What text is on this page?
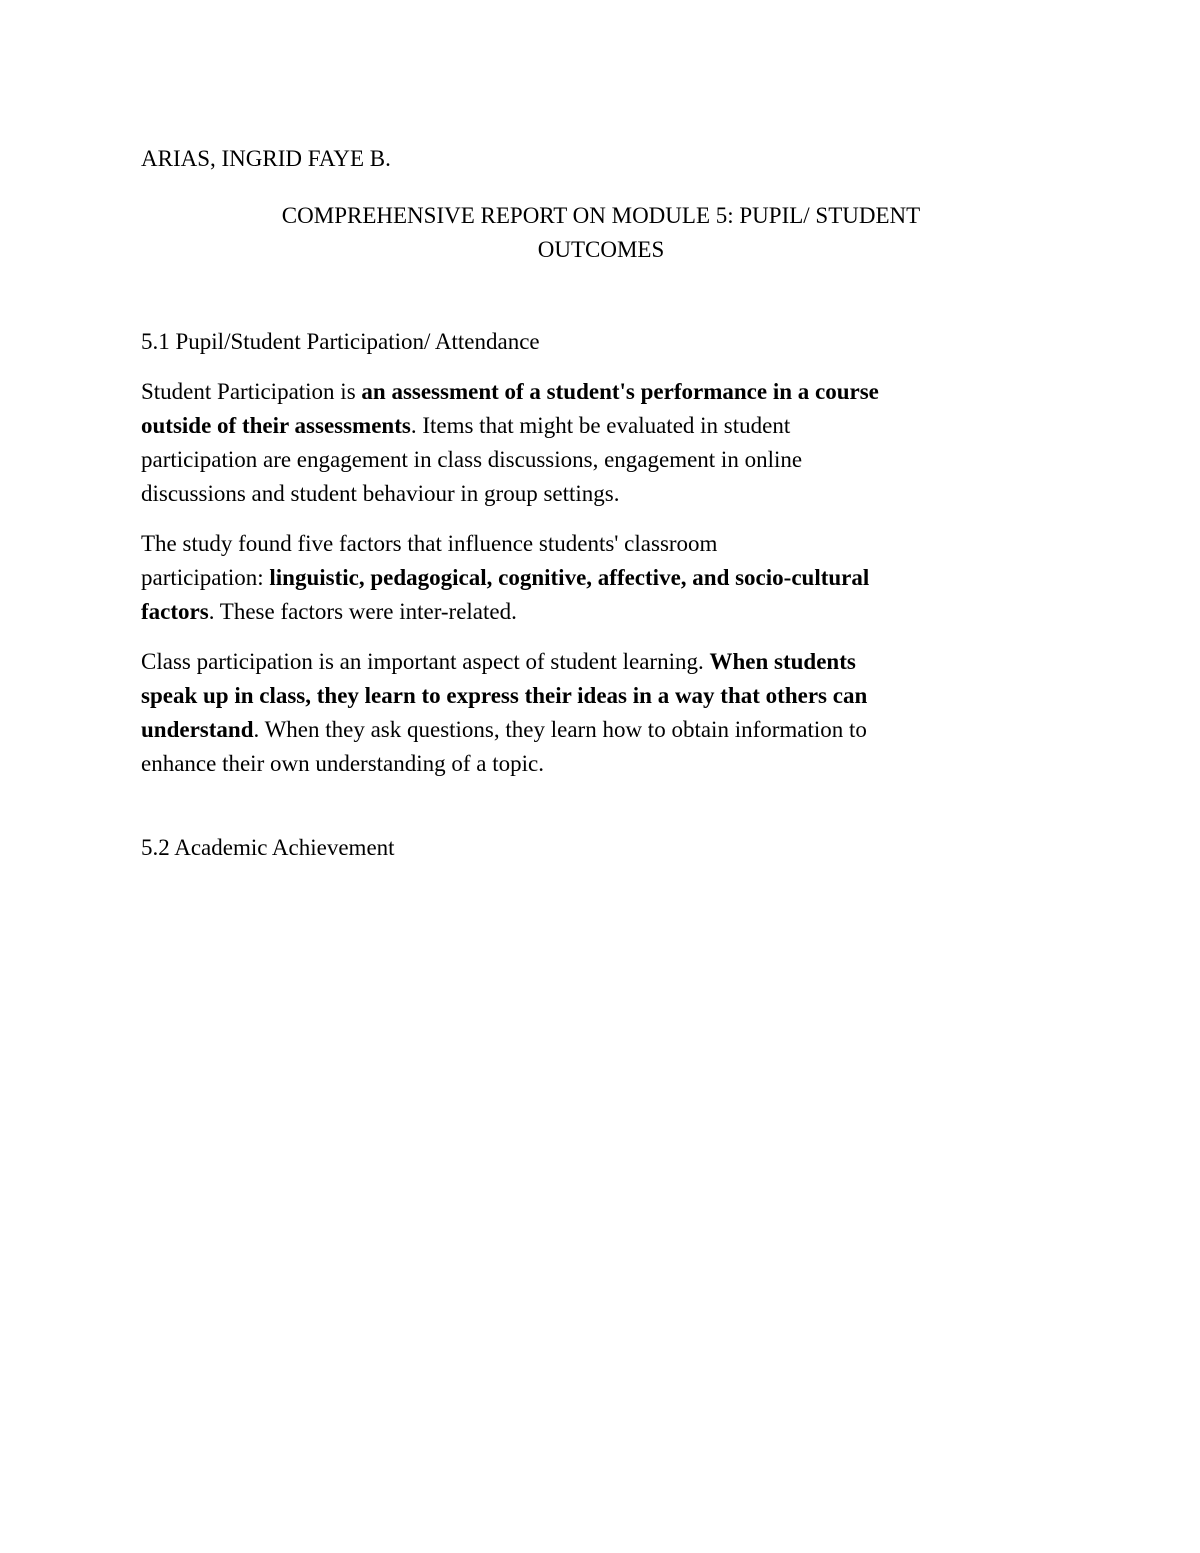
ARIAS, INGRID FAYE B.

COMPREHENSIVE REPORT ON MODULE 5: PUPIL/ STUDENT
OUTCOMES
5.1 Pupil/Student Participation/ Attendance

Student Participation is an assessment of a student's performance in a course
outside of their assessments. Items that might be evaluated in student
participation are engagement in class discussions, engagement in online
discussions and student behaviour in group settings.

The study found five factors that influence students' classroom
participation: linguistic, pedagogical, cognitive, affective, and socio-cultural
factors. These factors were inter-related.

Class participation is an important aspect of student learning. When students
speak up in class, they learn to express their ideas in a way that others can
understand. When they ask questions, they learn how to obtain information to
enhance their own understanding of a topic.

5.2 Academic Achievement
